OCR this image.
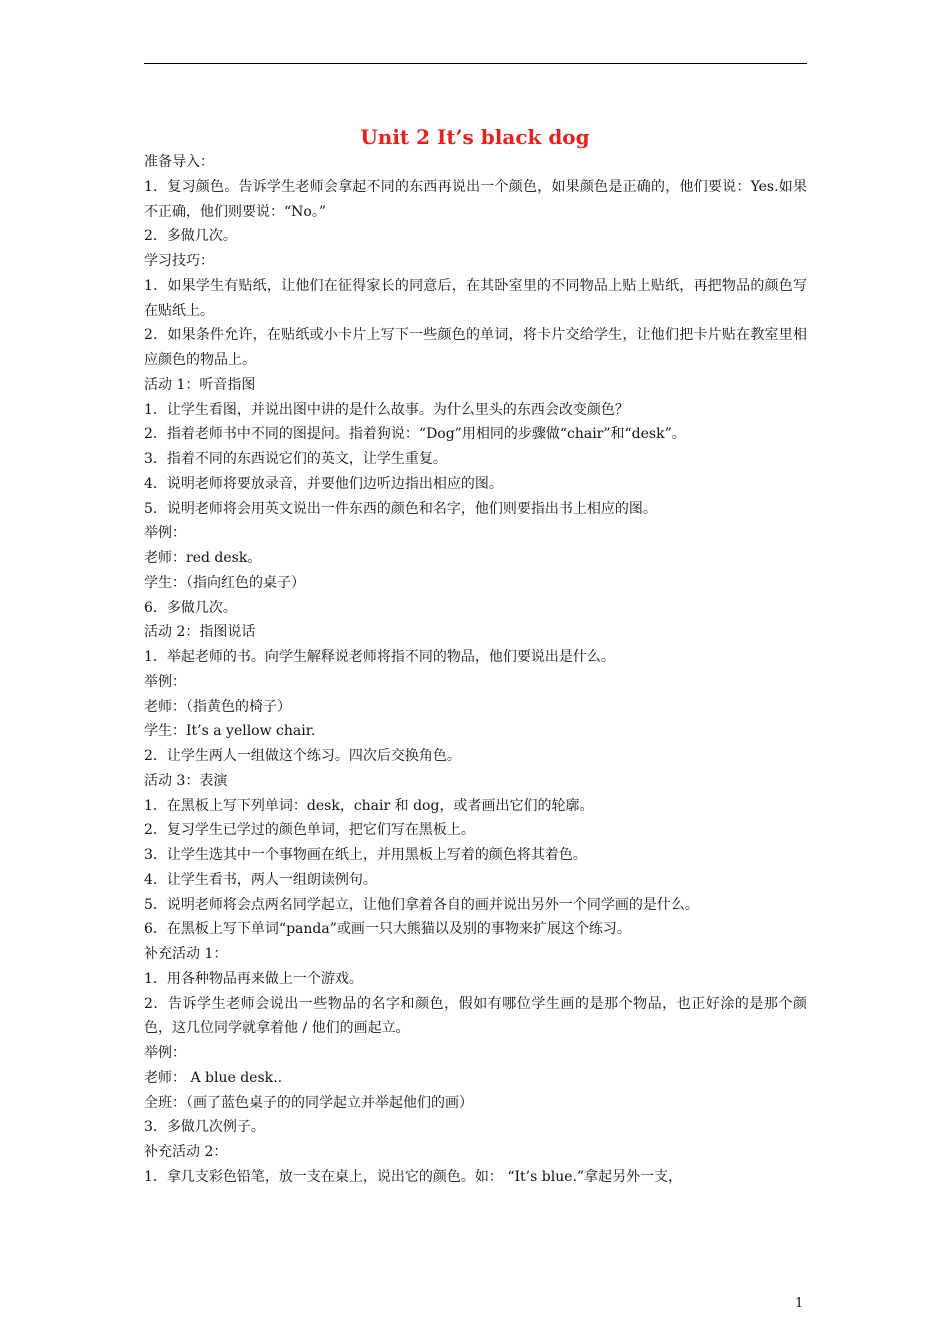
Unit 2 It’s black dog
准备导入：
1．复习颜色。告诉学生老师会拿起不同的东西再说出一个颜色，如果颜色是正确的，他们要说：Yes.如果不正确，他们则要说：“No。”
2．多做几次。
学习技巧：
1．如果学生有贴纸，让他们在征得家长的同意后，在其卧室里的不同物品上贴上贴纸，再把物品的颜色写在贴纸上。
2．如果条件允许，在贴纸或小卡片上写下一些颜色的单词，将卡片交给学生，让他们把卡片贴在教室里相应颜色的物品上。
活动 1：听音指图
1．让学生看图，并说出图中讲的是什么故事。为什么里头的东西会改变颜色？
2．指着老师书中不同的图提问。指着狗说：“Dog”用相同的步骤做“chair”和“desk”。
3．指着不同的东西说它们的英文，让学生重复。
4．说明老师将要放录音，并要他们边听边指出相应的图。
5．说明老师将会用英文说出一件东西的颜色和名字，他们则要指出书上相应的图。
举例：
老师：red desk。
学生：（指向红色的桌子）
6．多做几次。
活动 2：指图说话
1．举起老师的书。向学生解释说老师将指不同的物品，他们要说出是什么。
举例：
老师：（指黄色的椅子）
学生：It’s a yellow chair.
2．让学生两人一组做这个练习。四次后交换角色。
活动 3：表演
1．在黑板上写下列单词：desk，chair 和 dog，或者画出它们的轮廓。
2．复习学生已学过的颜色单词，把它们写在黑板上。
3．让学生选其中一个事物画在纸上，并用黑板上写着的颜色将其着色。
4．让学生看书，两人一组朗读例句。
5．说明老师将会点两名同学起立，让他们拿着各自的画并说出另外一个同学画的是什么。
6．在黑板上写下单词“panda”或画一只大熊猫以及别的事物来扩展这个练习。
补充活动 1：
1．用各种物品再来做上一个游戏。
2．告诉学生老师会说出一些物品的名字和颜色，假如有哪位学生画的是那个物品，也正好涂的是那个颜色，这几位同学就拿着他 / 他们的画起立。
举例：
老师： A blue desk..
全班：（画了蓝色桌子的的同学起立并举起他们的画）
3．多做几次例子。
补充活动 2：
1．拿几支彩色铅笔，放一支在桌上，说出它的颜色。如： “It’s blue.”拿起另外一支，
1
